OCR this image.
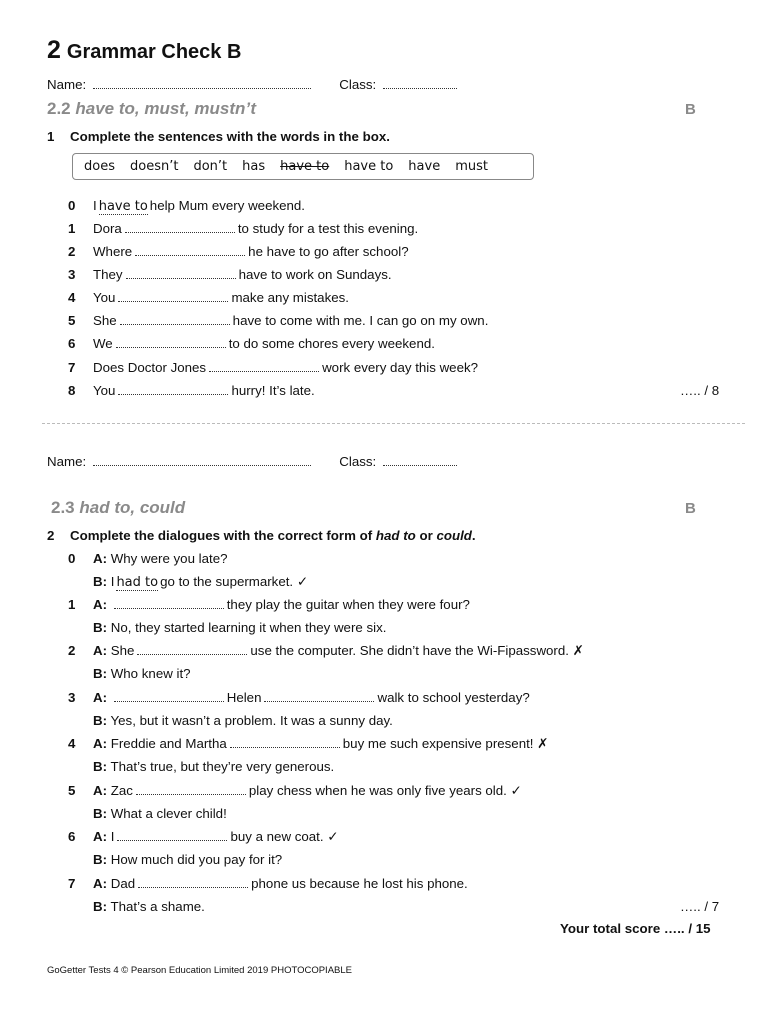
2 Grammar Check B
Name:	Class:
2.2 have to, must, mustn’t	B
1 Complete the sentences with the words in the box.
does doesn’t don’t has have to have to have must
0 I have to help Mum every weekend.
1 Dora	to study for a test this evening.
2 Where	he have to go after school?
3 They	have to work on Sundays.
4 You	make any mistakes.
5 She	have to come with me. I can go on my own.
6 We	to do some chores every weekend.
7 Does Doctor Jones	work every day this week?
8 You	hurry! It’s late.	….. / 8
Name:	Class:
2.3 had to, could	B
2 Complete the dialogues with the correct form of had to or could.
0 A: Why were you late?
B: I had to go to the supermarket. ✓
1 A:	they play the guitar when they were four?
B: No, they started learning it when they were six.
2 A: She	use the computer. She didn’t have the Wi-Fipassword. ✗
B: Who knew it?
3 A:	Helen	walk to school yesterday?
B: Yes, but it wasn’t a problem. It was a sunny day.
4 A: Freddie and Martha	buy me such expensive present! ✗
B: That’s true, but they’re very generous.
5 A: Zac	play chess when he was only five years old. ✓
B: What a clever child!
6 A: I	buy a new coat. ✓
B: How much did you pay for it?
7 A: Dad	phone us because he lost his phone.
B: That’s a shame.	….. / 7
Your total score ….. / 15
GoGetter Tests 4 © Pearson Education Limited 2019 PHOTOCOPIABLE
